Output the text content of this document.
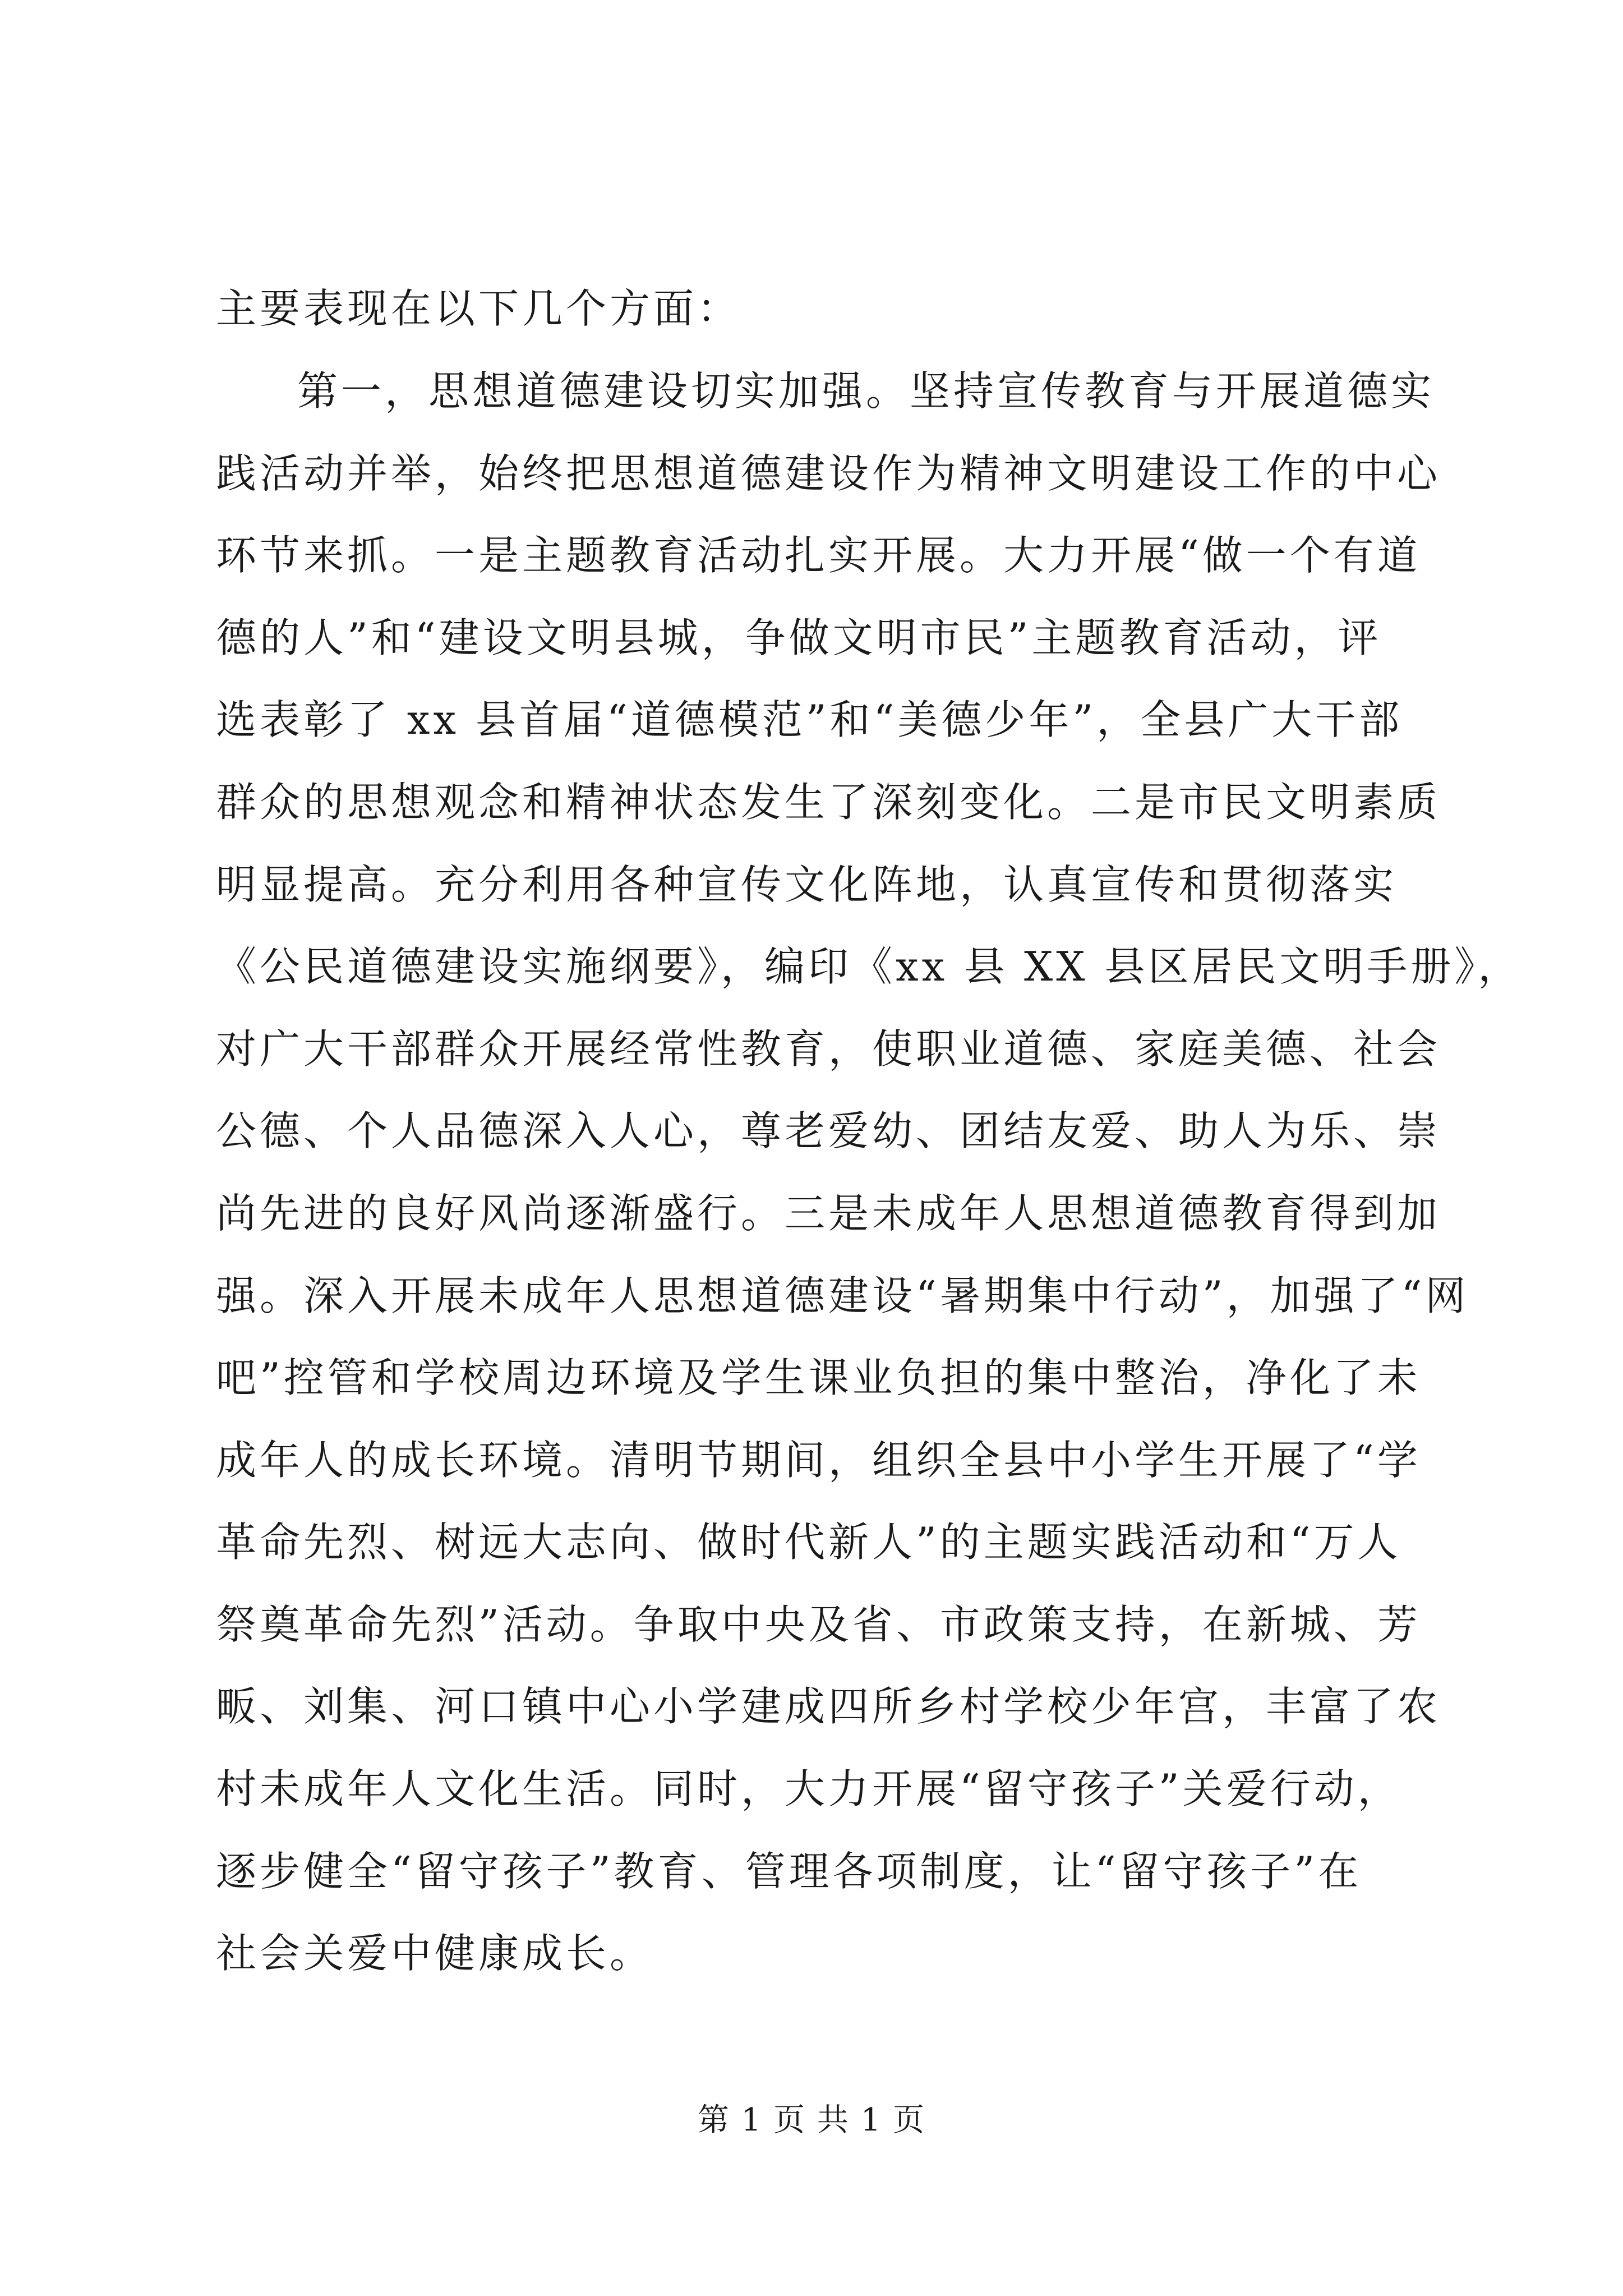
主要表现在以下几个方面：
第一，思想道德建设切实加强。坚持宣传教育与开展道德实
践活动并举，始终把思想道德建设作为精神文明建设工作的中心
环节来抓。一是主题教育活动扎实开展。大力开展“做一个有道
德的人”和“建设文明县城，争做文明市民”主题教育活动，评
选表彰了 xx 县首届“道德模范”和“美德少年”，全县广大干部
群众的思想观念和精神状态发生了深刻变化。二是市民文明素质
明显提高。充分利用各种宣传文化阵地，认真宣传和贯彻落实
《公民道德建设实施纲要》，编印《xx 县 XX 县区居民文明手册》，
对广大干部群众开展经常性教育，使职业道德、家庭美德、社会
公德、个人品德深入人心，尊老爱幼、团结友爱、助人为乐、崇
尚先进的良好风尚逐渐盛行。三是未成年人思想道德教育得到加
强。深入开展未成年人思想道德建设“暑期集中行动”，加强了“网
吧”控管和学校周边环境及学生课业负担的集中整治，净化了未
成年人的成长环境。清明节期间，组织全县中小学生开展了“学
革命先烈、树远大志向、做时代新人”的主题实践活动和“万人
祭奠革命先烈”活动。争取中央及省、市政策支持，在新城、芳
畈、刘集、河口镇中心小学建成四所乡村学校少年宫，丰富了农
村未成年人文化生活。同时，大力开展“留守孩子”关爱行动，
逐步健全“留守孩子”教育、管理各项制度，让“留守孩子”在
社会关爱中健康成长。
第 1 页 共 1 页
